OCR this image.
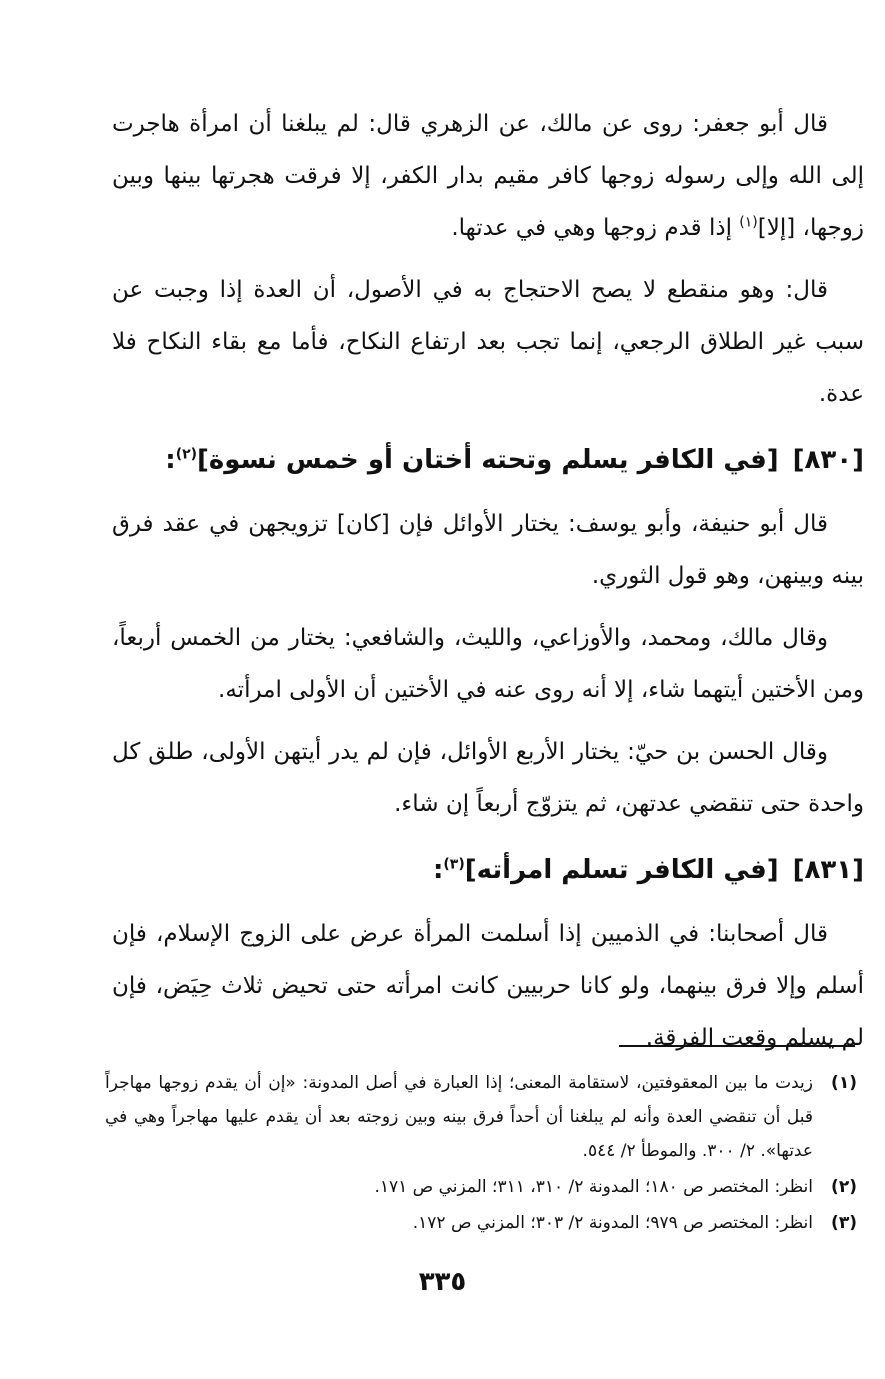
قال أبو جعفر: روى عن مالك، عن الزهري قال: لم يبلغنا أن امرأة هاجرت إلى الله وإلى رسوله زوجها كافر مقيم بدار الكفر، إلا فرقت هجرتها بينها وبين زوجها، [إلا]$^{(١)}$ إذا قدم زوجها وهي في عدتها.

قال: وهو منقطع لا يصح الاحتجاج به في الأصول، أن العدة إذا وجبت عن سبب غير الطلاق الرجعي، إنما تجب بعد ارتفاع النكاح، فأما مع بقاء النكاح فلا عدة.

[٨٣٠][في الكافر يسلم وتحته أختان أو خمس نسوة]$^{(٢)}$:

قال أبو حنيفة، وأبو يوسف: يختار الأوائل فإن [كان] تزويجهن في عقد فرق بينه وبينهن، وهو قول الثوري.

وقال مالك، ومحمد، والأوزاعي، والليث، والشافعي: يختار من الخمس أربعاً، ومن الأختين أيتهما شاء، إلا أنه روى عنه في الأختين أن الأولى امرأته.

وقال الحسن بن حيّ: يختار الأربع الأوائل، فإن لم يدر أيتهن الأولى، طلق كل واحدة حتى تنقضي عدتهن، ثم يتزوّج أربعاً إن شاء.

[٨٣١][في الكافر تسلم امرأته]$^{(٣)}$:

قال أصحابنا: في الذميين إذا أسلمت المرأة عرض على الزوج الإسلام، فإن أسلم وإلا فرق بينهما، ولو كانا حربيين كانت امرأته حتى تحيض ثلاث حِيَض، فإن لم يسلم وقعت الفرقة.

(١)
زيدت ما بين المعقوفتين، لاستقامة المعنى؛ إذا العبارة في أصل المدونة: «إن أن يقدم زوجها مهاجراً قبل أن تنقضي العدة وأنه لم يبلغنا أن أحداً فرق بينه وبين زوجته بعد أن يقدم عليها مهاجراً وهي في عدتها». ٢/ ٣٠٠. والموطأ ٢/ ٥٤٤.
(٢)
انظر: المختصر ص ١٨٠؛ المدونة ٢/ ٣١٠، ٣١١؛ المزني ص ١٧١.
(٣)
انظر: المختصر ص ٩٧٩؛ المدونة ٢/ ٣٠٣؛ المزني ص ١٧٢.
٣٣٥
